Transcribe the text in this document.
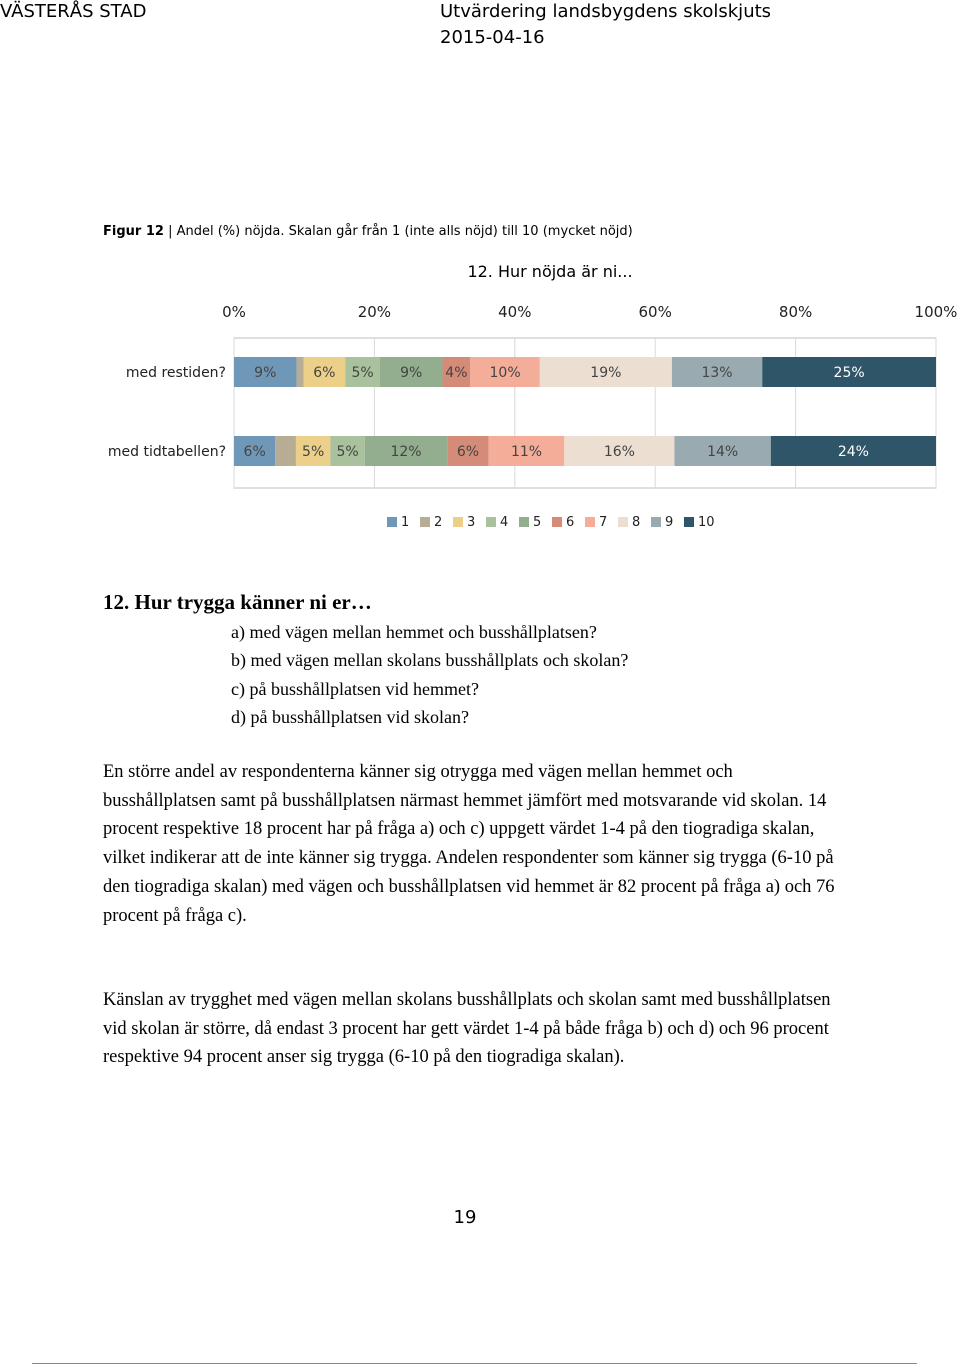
VÄSTERÅS STAD	Utvärdering landsbygdens skolskjuts
2015-04-16
Figur 12 | Andel (%) nöjda. Skalan går från 1 (inte alls nöjd) till 10 (mycket nöjd)
12. Hur nöjda är ni...
0%	20%	40%	60%	80%	100%
med restiden? 9%	6% 5% 9% 4% 10%	19%	13%	25%
med tidtabellen? 6%	5% 5% 12%	6% 11%	16%	14%	24%
1 2 3 4 5 6 7 8 9 10
12. Hur trygga känner ni er…
a) med vägen mellan hemmet och busshållplatsen?
b) med vägen mellan skolans busshållplats och skolan?
c) på busshållplatsen vid hemmet?
d) på busshållplatsen vid skolan?
En större andel av respondenterna känner sig otrygga med vägen mellan hemmet och busshållplatsen samt på busshållplatsen närmast hemmet jämfört med motsvarande vid skolan. 14 procent respektive 18 procent har på fråga a) och c) uppgett värdet 1-4 på den tiogradiga skalan, vilket indikerar att de inte känner sig trygga. Andelen respondenter som känner sig trygga (6-10 på den tiogradiga skalan) med vägen och busshållplatsen vid hemmet är 82 procent på fråga a) och 76 procent på fråga c).
Känslan av trygghet med vägen mellan skolans busshållplats och skolan samt med busshållplatsen vid skolan är större, då endast 3 procent har gett värdet 1-4 på både fråga b) och d) och 96 procent respektive 94 procent anser sig trygga (6-10 på den tiogradiga skalan).
19
